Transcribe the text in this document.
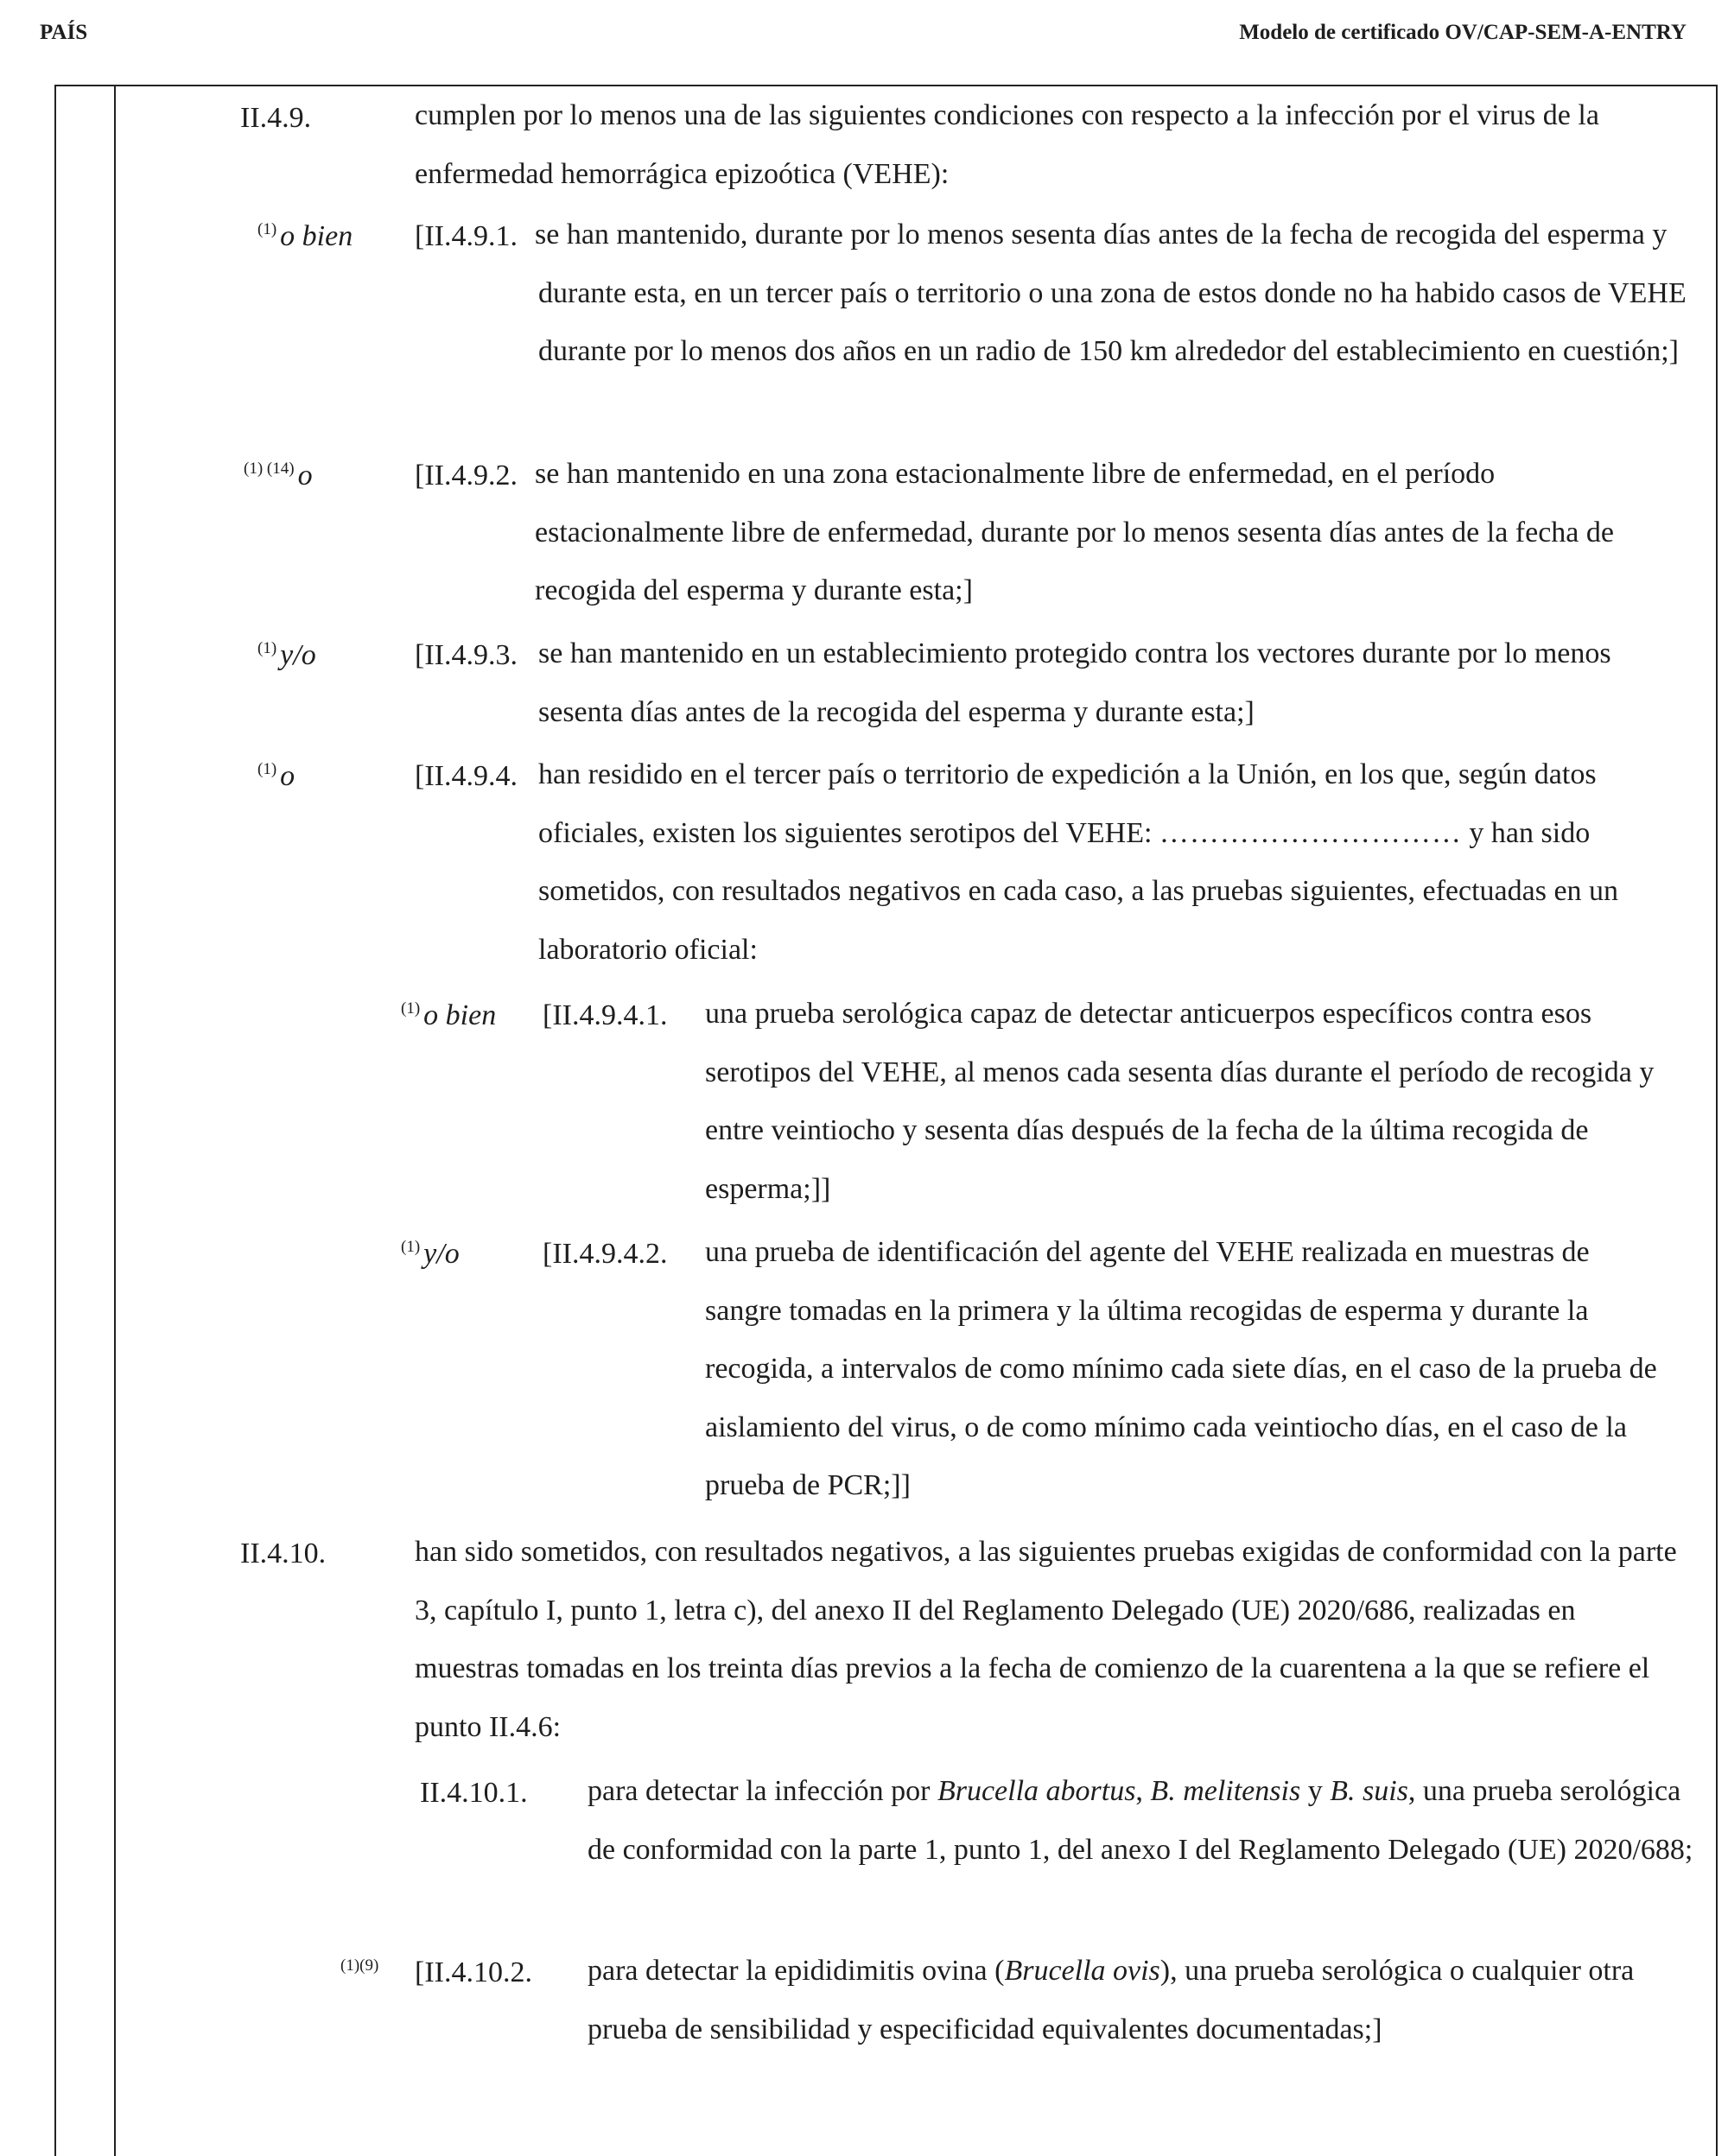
PAÍS	Modelo de certificado OV/CAP-SEM-A-ENTRY
II.4.9.	cumplen por lo menos una de las siguientes condiciones con respecto a la infección por el virus de la enfermedad hemorrágica epizoótica (VEHE):
$^{(1)}$ o bien [II.4.9.1. se han mantenido, durante por lo menos sesenta días antes de la fecha de recogida del esperma y durante esta, en un tercer país o territorio o una zona de estos donde no ha habido casos de VEHE durante por lo menos dos años en un radio de 150 km alrededor del establecimiento en cuestión;]
$^{(1) (14)}$ o	[II.4.9.2. se han mantenido en una zona estacionalmente libre de enfermedad, en el período estacionalmente libre de enfermedad, durante por lo menos sesenta días antes de la fecha de recogida del esperma y durante esta;]
$^{(1)}$ y/o	[II.4.9.3. se han mantenido en un establecimiento protegido contra los vectores durante por lo menos sesenta días antes de la recogida del esperma y durante esta;]
$^{(1)}$ o	[II.4.9.4. han residido en el tercer país o territorio de expedición a la Unión, en los que, según datos oficiales, existen los siguientes serotipos del VEHE: ………………………… y han sido sometidos, con resultados negativos en cada caso, a las pruebas siguientes, efectuadas en un laboratorio oficial:
$^{(1)}$ o bien [II.4.9.4.1. una prueba serológica capaz de detectar anticuerpos específicos contra esos serotipos del VEHE, al menos cada sesenta días durante el período de recogida y entre veintiocho y sesenta días después de la fecha de la última recogida de esperma;]]
$^{(1)}$ y/o	[II.4.9.4.2. una prueba de identificación del agente del VEHE realizada en muestras de sangre tomadas en la primera y la última recogidas de esperma y durante la recogida, a intervalos de como mínimo cada siete días, en el caso de la prueba de aislamiento del virus, o de como mínimo cada veintiocho días, en el caso de la prueba de PCR;]]
II.4.10.	han sido sometidos, con resultados negativos, a las siguientes pruebas exigidas de conformidad con la parte 3, capítulo I, punto 1, letra c), del anexo II del Reglamento Delegado (UE) 2020/686, realizadas en muestras tomadas en los treinta días previos a la fecha de comienzo de la cuarentena a la que se refiere el punto II.4.6:
II.4.10.1. para detectar la infección por Brucella abortus, B. melitensis y B. suis, una prueba serológica de conformidad con la parte 1, punto 1, del anexo I del Reglamento Delegado (UE) 2020/688;
$^{(1)(9)}$ [II.4.10.2. para detectar la epididimitis ovina (Brucella ovis), una prueba serológica o cualquier otra prueba de sensibilidad y especificidad equivalentes documentadas;]
